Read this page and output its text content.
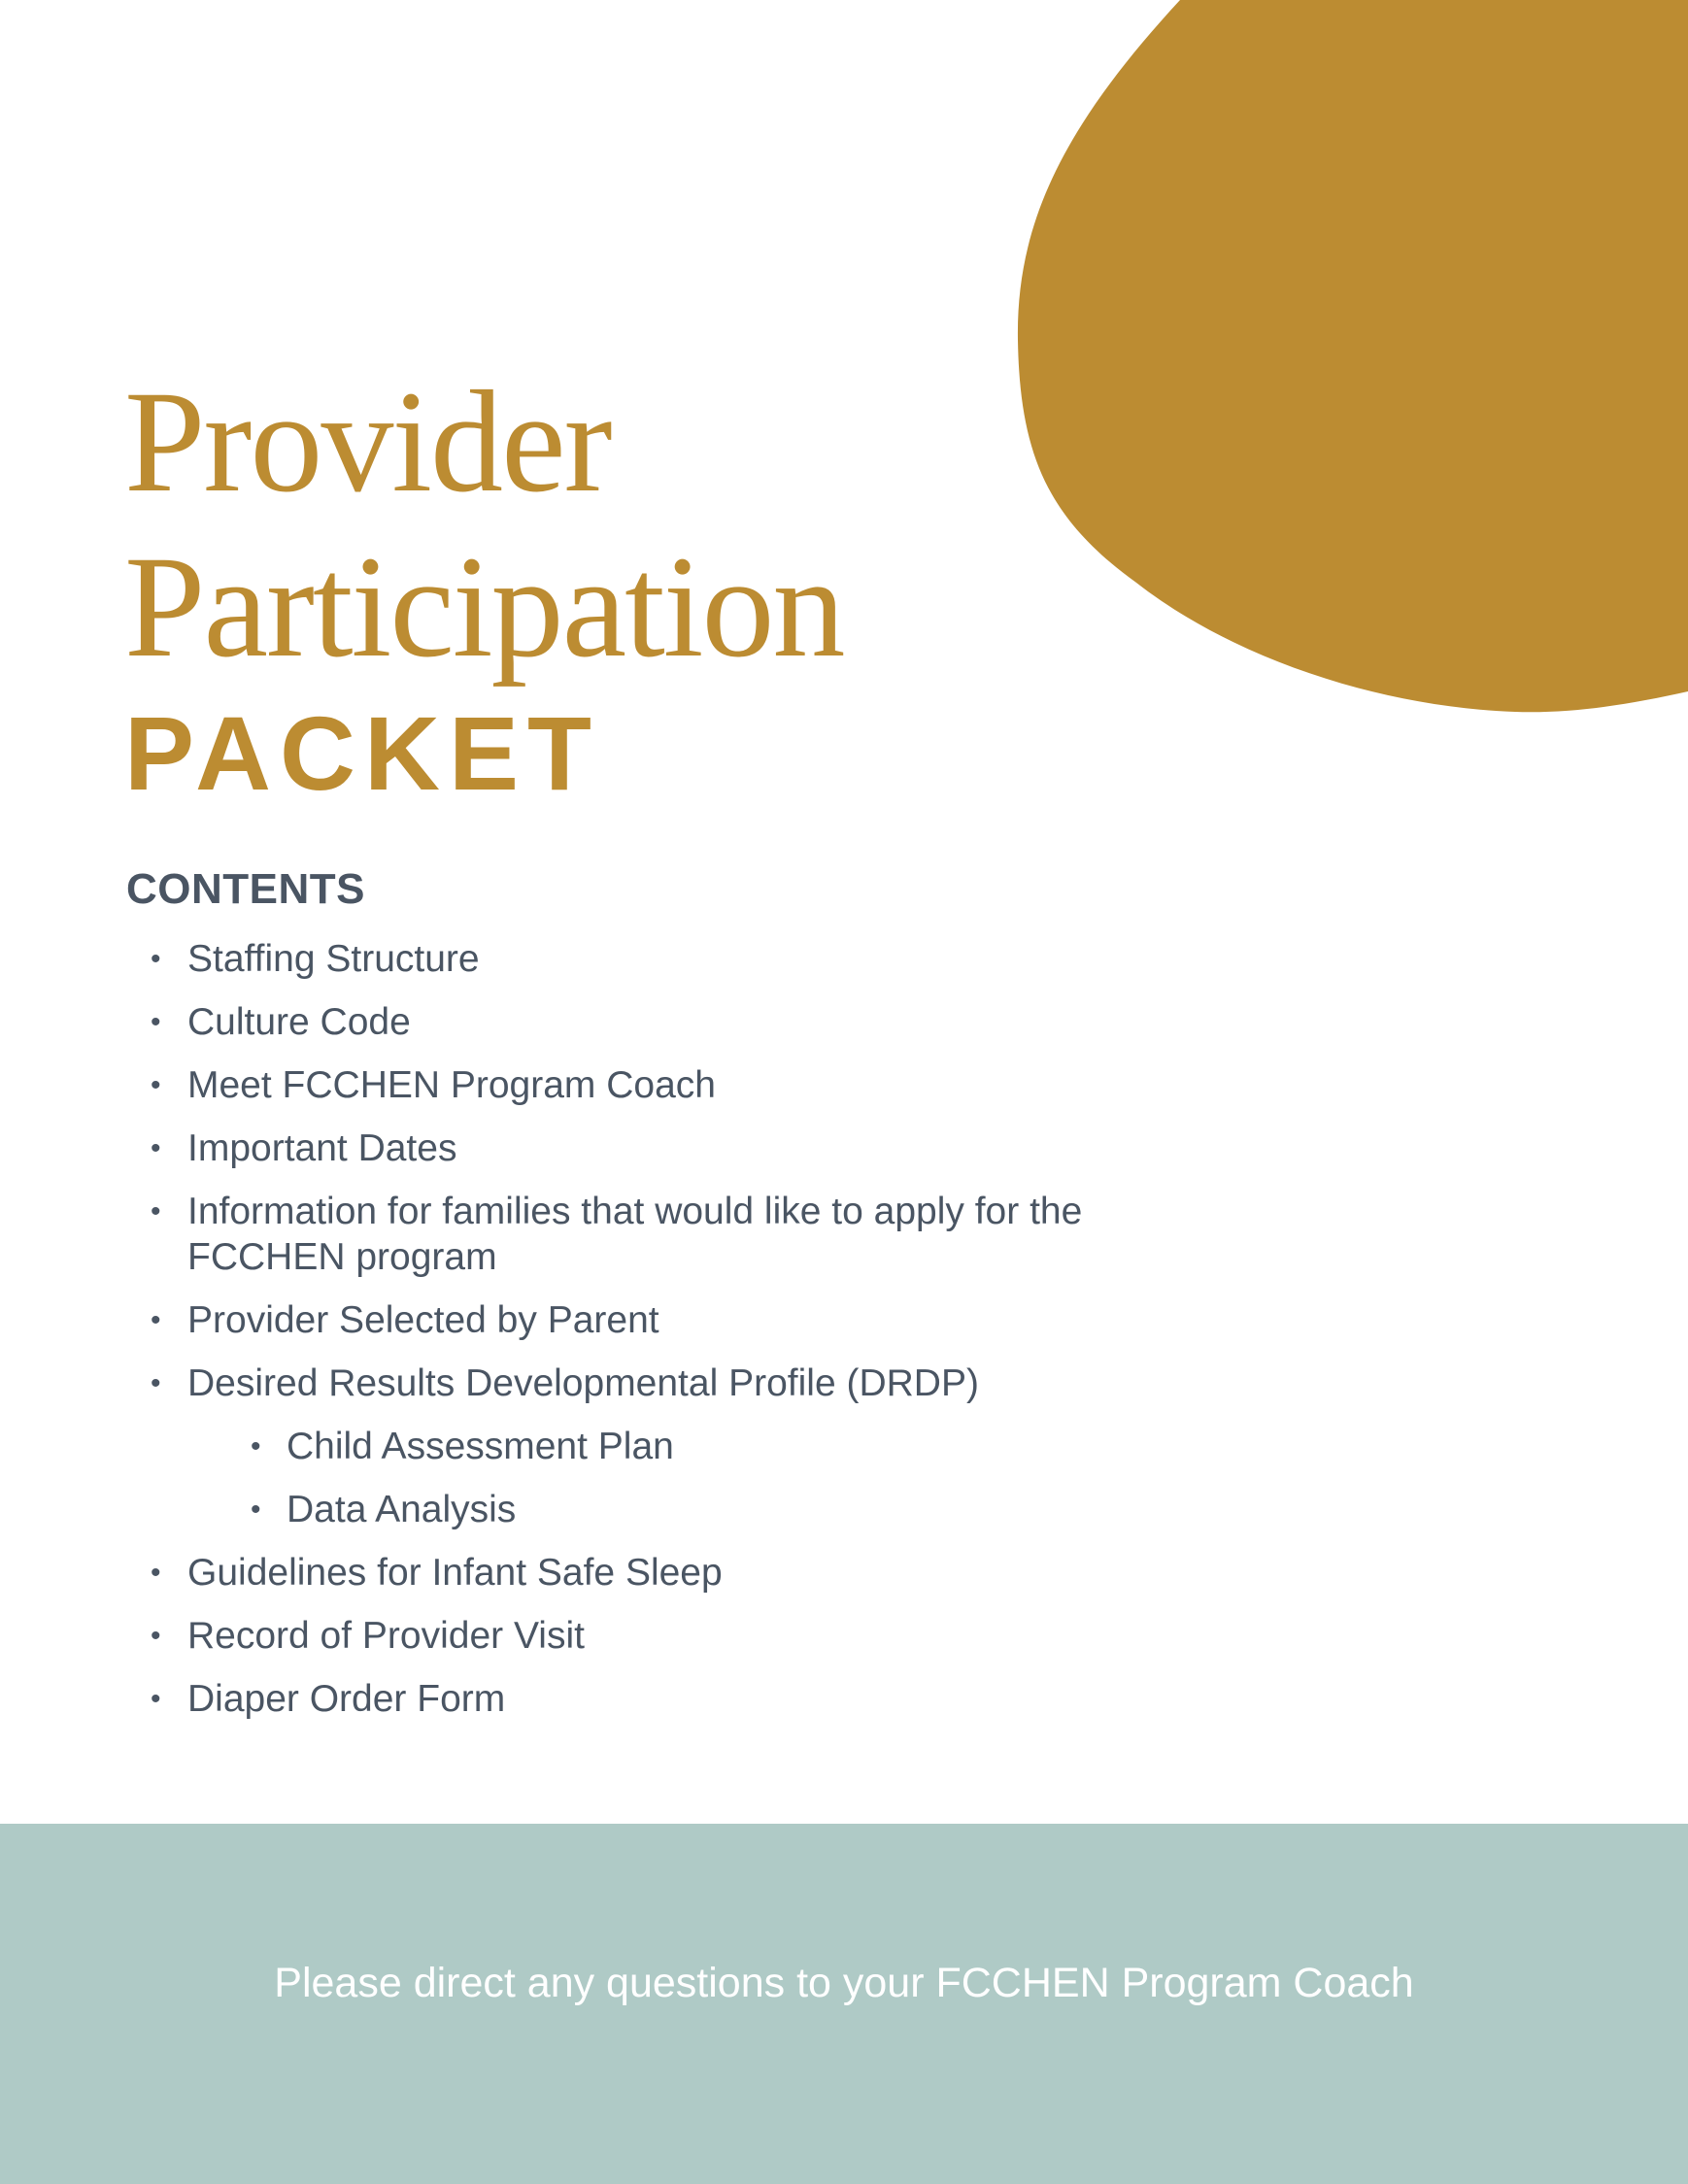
Provider
Participation
PACKET
CONTENTS
• Staffing Structure
• Culture Code
• Meet FCCHEN Program Coach
• Important Dates
• Information for families that would like to apply for the FCCHEN program
• Provider Selected by Parent
• Desired Results Developmental Profile (DRDP)
• Child Assessment Plan
• Data Analysis
• Guidelines for Infant Safe Sleep
• Record of Provider Visit
• Diaper Order Form

Please direct any questions to your FCCHEN Program Coach
